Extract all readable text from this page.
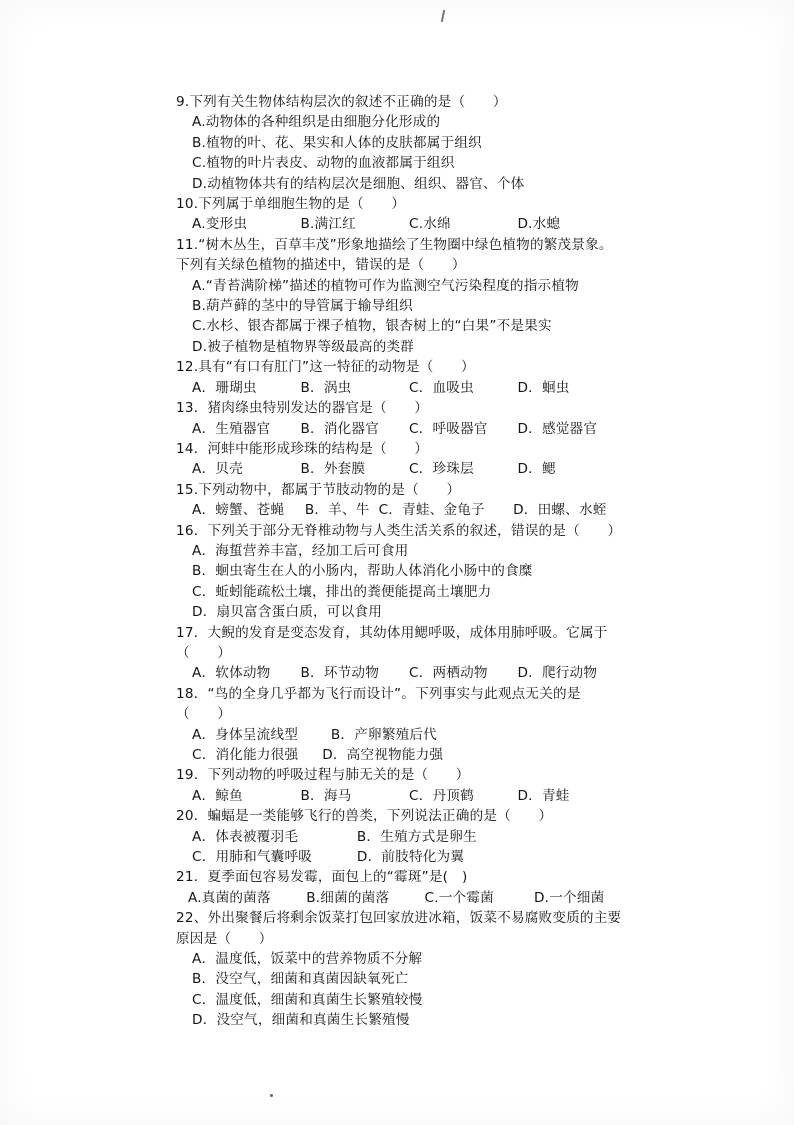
9.下列有关生物体结构层次的叙述不正确的是（　　）
A.动物体的各种组织是由细胞分化形成的
B.植物的叶、花、果实和人体的皮肤都属于组织
C.植物的叶片表皮、动物的血液都属于组织
D.动植物体共有的结构层次是细胞、组织、器官、个体
10.下列属于单细胞生物的是（　　）
A.变形虫	B.满江红	C.水绵	D.水螅
11.“树木丛生，百草丰茂”形象地描绘了生物圈中绿色植物的繁茂景象。下列有关绿色植物的描述中，错误的是（　　）
A.“青苔满阶梯”描述的植物可作为监测空气污染程度的指示植物
B.葫芦藓的茎中的导管属于输导组织
C.水杉、银杏都属于裸子植物，银杏树上的“白果”不是果实
D.被子植物是植物界等级最高的类群
12.具有“有口有肛门”这一特征的动物是（　　）
A．珊瑚虫	B．涡虫	C．血吸虫	D．蛔虫
13．猪肉绦虫特别发达的器官是（　　）
A．生殖器官	B．消化器官	C．呼吸器官	D．感觉器官
14．河蚌中能形成珍珠的结构是（　　）
A．贝壳	B．外套膜	C．珍珠层	D．鳃
15.下列动物中，都属于节肢动物的是（　　）
A．螃蟹、苍蝇	B．羊、牛 C．青蛙、金龟子	D．田螺、水蛭
16．下列关于部分无脊椎动物与人类生活关系的叙述，错误的是（　　）
A．海蜇营养丰富，经加工后可食用
B．蛔虫寄生在人的小肠内，帮助人体消化小肠中的食糜
C．蚯蚓能疏松土壤，排出的粪便能提高土壤肥力
D．扇贝富含蛋白质，可以食用
17．大鲵的发育是变态发育，其幼体用鳃呼吸，成体用肺呼吸。它属于（　　）
A．软体动物	B．环节动物	C．两栖动物	D．爬行动物
18．“鸟的全身几乎都为飞行而设计”。下列事实与此观点无关的是（　　）
A．身体呈流线型	B．产卵繁殖后代
C．消化能力很强	D．高空视物能力强
19．下列动物的呼吸过程与肺无关的是（　　）
A．鲸鱼	B．海马	C．丹顶鹤	D．青蛙
20．蝙蝠是一类能够飞行的兽类，下列说法正确的是（　　）
A．体表被覆羽毛	B．生殖方式是卵生
C．用肺和气囊呼吸	D．前肢特化为翼
21．夏季面包容易发霉，面包上的“霉斑”是(　)
A.真菌的菌落	B.细菌的菌落	C.一个霉菌	D.一个细菌
22、外出聚餐后将剩余饭菜打包回家放进冰箱，饭菜不易腐败变质的主要原因是（　　）
A．温度低，饭菜中的营养物质不分解
B．没空气，细菌和真菌因缺氧死亡
C．温度低，细菌和真菌生长繁殖较慢
D．没空气，细菌和真菌生长繁殖慢
